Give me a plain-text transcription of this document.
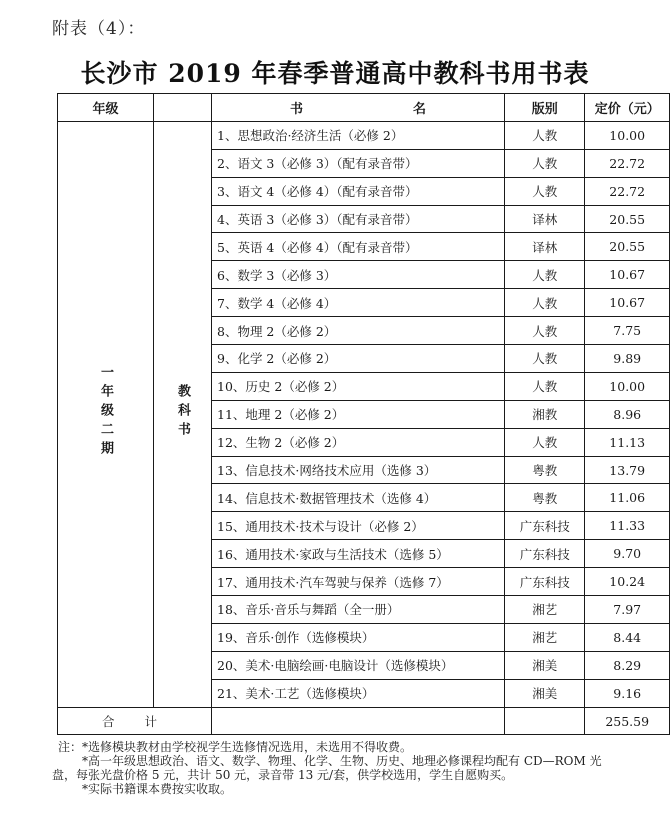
附表（4）：
长沙市 2019 年春季普通高中教科书用书表
年级		书 名	版别	定价（元）
一年级二期	教科书	1、思想政治·经济生活（必修 2）	人教	10.00
		2、语文 3（必修 3）（配有录音带）	人教	22.72
		3、语文 4（必修 4）（配有录音带）	人教	22.72
		4、英语 3（必修 3）（配有录音带）	译林	20.55
		5、英语 4（必修 4）（配有录音带）	译林	20.55
		6、数学 3（必修 3）	人教	10.67
		7、数学 4（必修 4）	人教	10.67
		8、物理 2（必修 2）	人教	7.75
		9、化学 2（必修 2）	人教	9.89
		10、历史 2（必修 2）	人教	10.00
		11、地理 2（必修 2）	湘教	8.96
		12、生物 2（必修 2）	人教	11.13
		13、信息技术·网络技术应用（选修 3）	粤教	13.79
		14、信息技术·数据管理技术（选修 4）	粤教	11.06
		15、通用技术·技术与设计（必修 2）	广东科技	11.33
		16、通用技术·家政与生活技术（选修 5）	广东科技	9.70
		17、通用技术·汽车驾驶与保养（选修 7）	广东科技	10.24
		18、音乐·音乐与舞蹈（全一册）	湘艺	7.97
		19、音乐·创作（选修模块）	湘艺	8.44
		20、美术·电脑绘画·电脑设计（选修模块）	湘美	8.29
		21、美术·工艺（选修模块）	湘美	9.16
合计				255.59

注：*选修模块教材由学校视学生选修情况选用，未选用不得收费。

*高一年级思想政治、语文、数学、物理、化学、生物、历史、地理必修课程均配有 CD—ROM 光盘，每张光盘价格 5 元，共计 50 元，录音带 13 元/套，供学校选用，学生自愿购买。

*实际书籍课本费按实收取。
